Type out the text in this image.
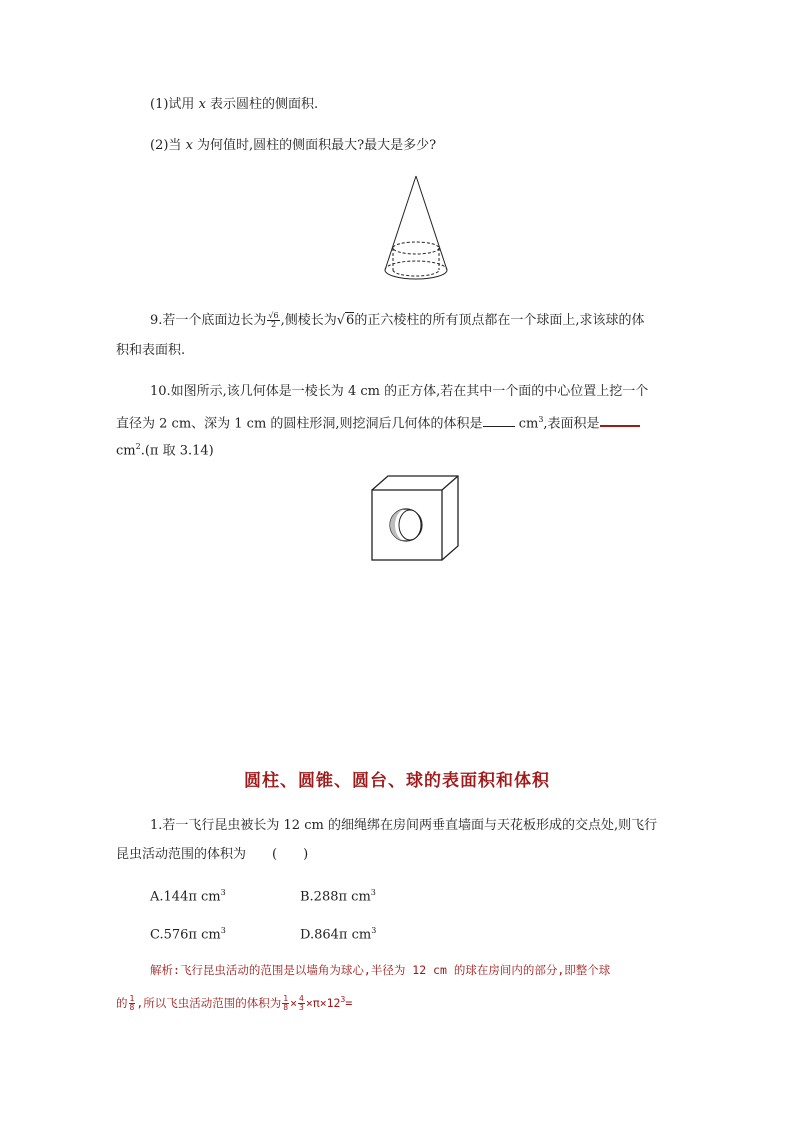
(1)试用 x 表示圆柱的侧面积.
(2)当 x 为何值时,圆柱的侧面积最大?最大是多少?
9.若一个底面边长为 $\frac{√6}{2}$ ,侧棱长为√6的正六棱柱的所有顶点都在一个球面上,求该球的体
积和表面积.
10.如图所示,该几何体是一棱长为 4 cm 的正方体,若在其中一个面的中心位置上挖一个
直径为 2 cm、深为 1 cm 的圆柱形洞,则挖洞后几何体的体积是 $cm^3$,表面积是
$cm^2.(\pi$ 取 3.14)
圆柱、圆锥、圆台、球的表面积和体积
1.若一飞行昆虫被长为 12 cm 的细绳绑在房间两垂直墙面与天花板形成的交点处,则飞行
昆虫活动范围的体积为　　(　　)
A.144π $cm^3$	B.288π $cm^3$
C.576π $cm^3$	D.864π $cm^3$
解析:飞行昆虫活动的范围是以墙角为球心,半径为 12 cm 的球在房间内的部分,即整个球
的 $\frac{1}{8}$ ,所以飞虫活动范围的体积为 $\frac{1}{8} \times \frac{4}{3} \times\pi\times 12^3=$
